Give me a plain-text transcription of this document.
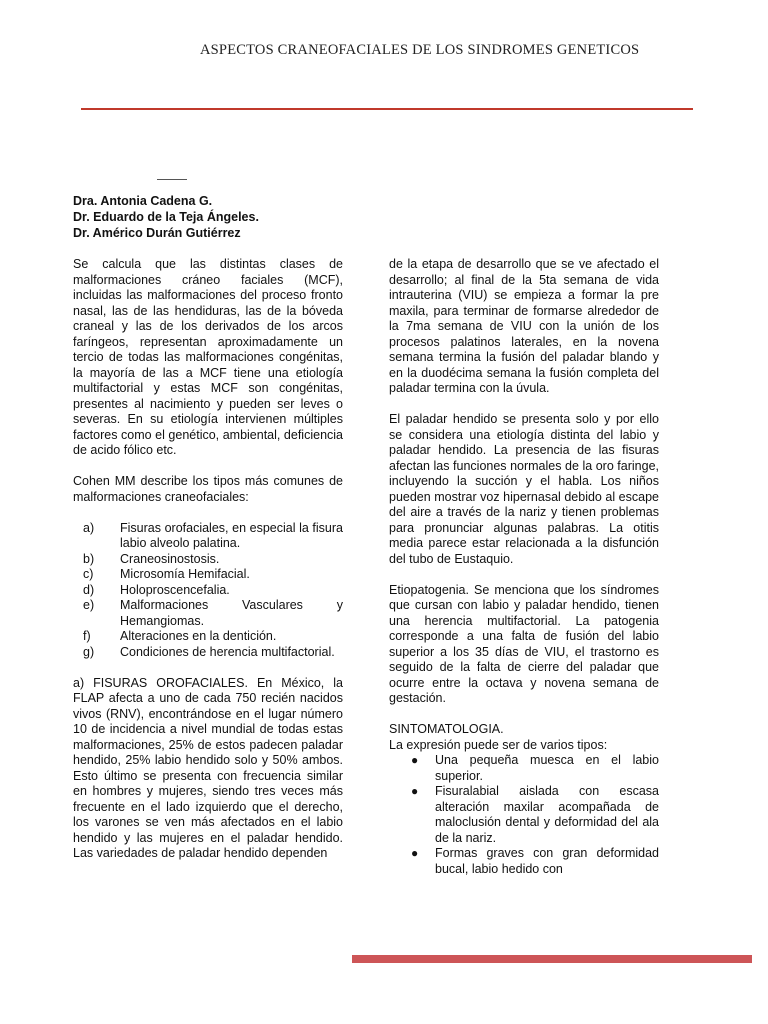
ASPECTOS CRANEOFACIALES DE LOS SINDROMES GENETICOS
Dra. Antonia Cadena G.
Dr. Eduardo de la Teja Ángeles.
Dr. Américo Durán Gutiérrez

Se calcula que las distintas clases de malformaciones cráneo faciales (MCF), incluidas las malformaciones del proceso fronto nasal, las de las hendiduras, las de la bóveda craneal y las de los derivados de los arcos faríngeos, representan aproximadamente un tercio de todas las malformaciones congénitas, la mayoría de las a MCF tiene una etiología multifactorial y estas MCF son congénitas, presentes al nacimiento y pueden ser leves o severas. En su etiología intervienen múltiples factores como el genético, ambiental, deficiencia de acido fólico etc.

Cohen MM describe los tipos más comunes de malformaciones craneofaciales:

a)	Fisuras orofaciales, en especial la fisura labio alveolo palatina.
b)	Craneosinostosis.
c)	Microsomía Hemifacial.
d)	Holoproscencefalia.
e)	Malformaciones Vasculares y Hemangiomas.
f)	Alteraciones en la dentición.
g)	Condiciones de herencia multifactorial.

a) FISURAS OROFACIALES. En México, la FLAP afecta a uno de cada 750 recién nacidos vivos (RNV), encontrándose en el lugar número 10 de incidencia a nivel mundial de todas estas malformaciones, 25% de estos padecen paladar hendido, 25% labio hendido solo y 50% ambos. Esto último se presenta con frecuencia similar en hombres y mujeres, siendo tres veces más frecuente en el lado izquierdo que el derecho, los varones se ven más afectados en el labio hendido y las mujeres en el paladar hendido. Las variedades de paladar hendido dependen

de la etapa de desarrollo que se ve afectado el desarrollo; al final de la 5ta semana de vida intrauterina (VIU) se empieza a formar la pre maxila, para terminar de formarse alrededor de la 7ma semana de VIU con la unión de los procesos palatinos laterales, en la novena semana termina la fusión del paladar blando y en la duodécima semana la fusión completa del paladar termina con la úvula.

El paladar hendido se presenta solo y por ello se considera una etiología distinta del labio y paladar hendido. La presencia de las fisuras afectan las funciones normales de la oro faringe, incluyendo la succión y el habla. Los niños pueden mostrar voz hipernasal debido al escape del aire a través de la nariz y tienen problemas para pronunciar algunas palabras. La otitis media parece estar relacionada a la disfunción del tubo de Eustaquio.

Etiopatogenia. Se menciona que los síndromes que cursan con labio y paladar hendido, tienen una herencia multifactorial. La patogenia corresponde a una falta de fusión del labio superior a los 35 días de VIU, el trastorno es seguido de la falta de cierre del paladar que ocurre entre la octava y novena semana de gestación.

SINTOMATOLOGIA.
La expresión puede ser de varios tipos:
● Una pequeña muesca en el labio superior.
● Fisuralabial aislada con escasa alteración maxilar acompañada de maloclusión dental y deformidad del ala de la nariz.
● Formas graves con gran deformidad bucal, labio hedido con
